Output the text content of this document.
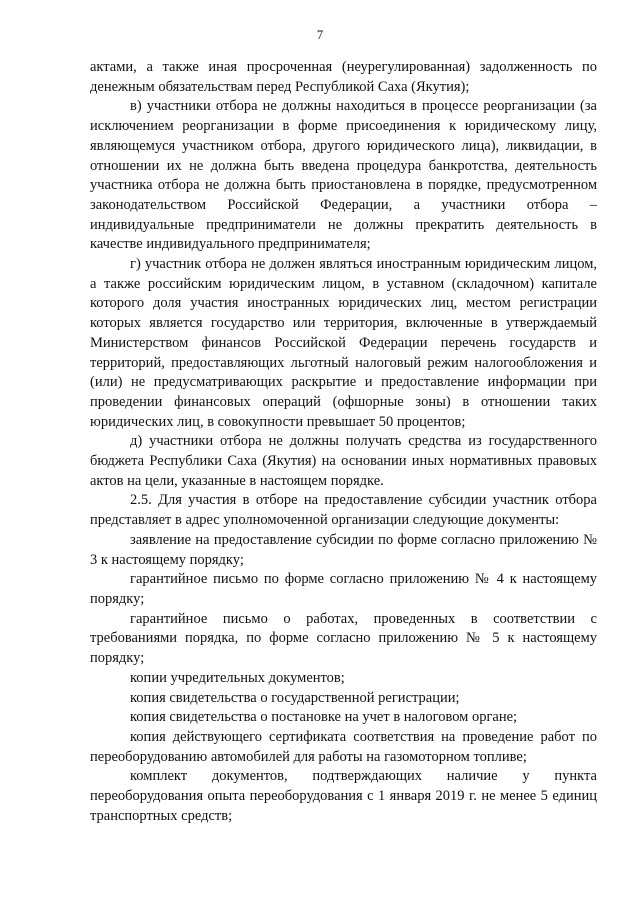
7

актами, а также иная просроченная (неурегулированная) задолженность по денежным обязательствам перед Республикой Саха (Якутия);

в) участники отбора не должны находиться в процессе реорганизации (за исключением реорганизации в форме присоединения к юридическому лицу, являющемуся участником отбора, другого юридического лица), ликвидации, в отношении их не должна быть введена процедура банкротства, деятельность участника отбора не должна быть приостановлена в порядке, предусмотренном законодательством Российской Федерации, а участники отбора – индивидуальные предприниматели не должны прекратить деятельность в качестве индивидуального предпринимателя;

г) участник отбора не должен являться иностранным юридическим лицом, а также российским юридическим лицом, в уставном (складочном) капитале которого доля участия иностранных юридических лиц, местом регистрации которых является государство или территория, включенные в утверждаемый Министерством финансов Российской Федерации перечень государств и территорий, предоставляющих льготный налоговый режим налогообложения и (или) не предусматривающих раскрытие и предоставление информации при проведении финансовых операций (офшорные зоны) в отношении таких юридических лиц, в совокупности превышает 50 процентов;

д) участники отбора не должны получать средства из государственного бюджета Республики Саха (Якутия) на основании иных нормативных правовых актов на цели, указанные в настоящем порядке.

2.5. Для участия в отборе на предоставление субсидии участник отбора представляет в адрес уполномоченной организации следующие документы:

заявление на предоставление субсидии по форме согласно приложению № 3 к настоящему порядку;

гарантийное письмо по форме согласно приложению № 4 к настоящему порядку;

гарантийное письмо о работах, проведенных в соответствии с требованиями порядка, по форме согласно приложению № 5 к настоящему порядку;

копии учредительных документов;

копия свидетельства о государственной регистрации;

копия свидетельства о постановке на учет в налоговом органе;

копия действующего сертификата соответствия на проведение работ по переоборудованию автомобилей для работы на газомоторном топливе;

комплект документов, подтверждающих наличие у пункта переоборудования опыта переоборудования с 1 января 2019 г. не менее 5 единиц транспортных средств;
